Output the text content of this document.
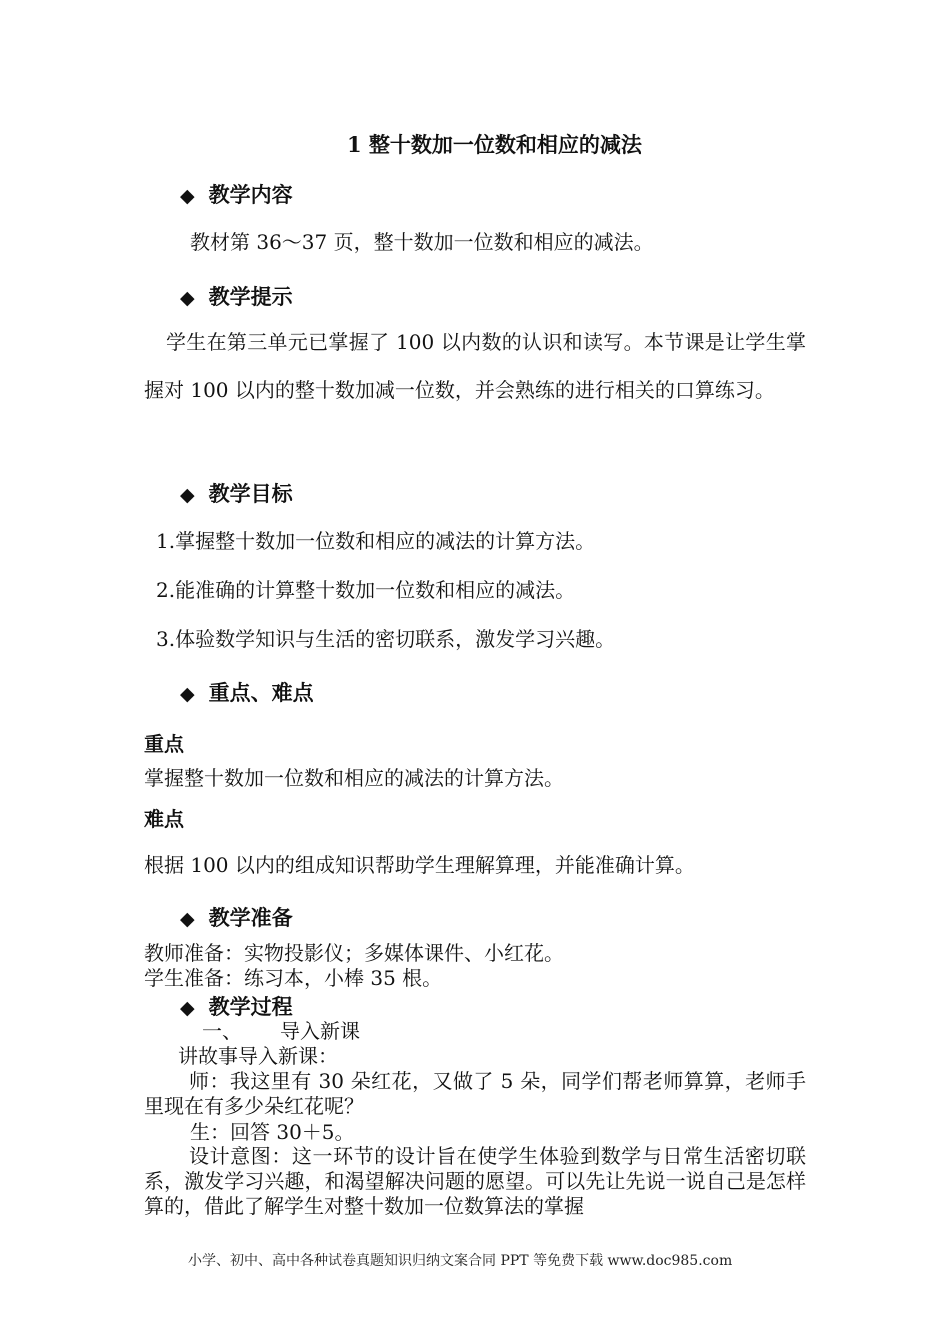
1 整十数加一位数和相应的减法
◆ 教学内容
教材第 36～37 页，整十数加一位数和相应的减法。
◆ 教学提示
学生在第三单元已掌握了 100 以内数的认识和读写。本节课是让学生掌握对 100 以内的整十数加减一位数，并会熟练的进行相关的口算练习。
◆ 教学目标
1.掌握整十数加一位数和相应的减法的计算方法。
2.能准确的计算整十数加一位数和相应的减法。
3.体验数学知识与生活的密切联系，激发学习兴趣。
◆ 重点、难点
重点
掌握整十数加一位数和相应的减法的计算方法。
难点
根据 100 以内的组成知识帮助学生理解算理，并能准确计算。
◆ 教学准备
教师准备：实物投影仪；多媒体课件、小红花。
学生准备：练习本，小棒 35 根。
◆ 教学过程
一、 导入新课
讲故事导入新课：
师：我这里有 30 朵红花，又做了 5 朵，同学们帮老师算算，老师手里现在有多少朵红花呢？
生：回答 30＋5。
设计意图：这一环节的设计旨在使学生体验到数学与日常生活密切联系，激发学习兴趣，和渴望解决问题的愿望。可以先让先说一说自己是怎样算的，借此了解学生对整十数加一位数算法的掌握
小学、初中、高中各种试卷真题知识归纳文案合同 PPT 等免费下载 www.doc985.com
